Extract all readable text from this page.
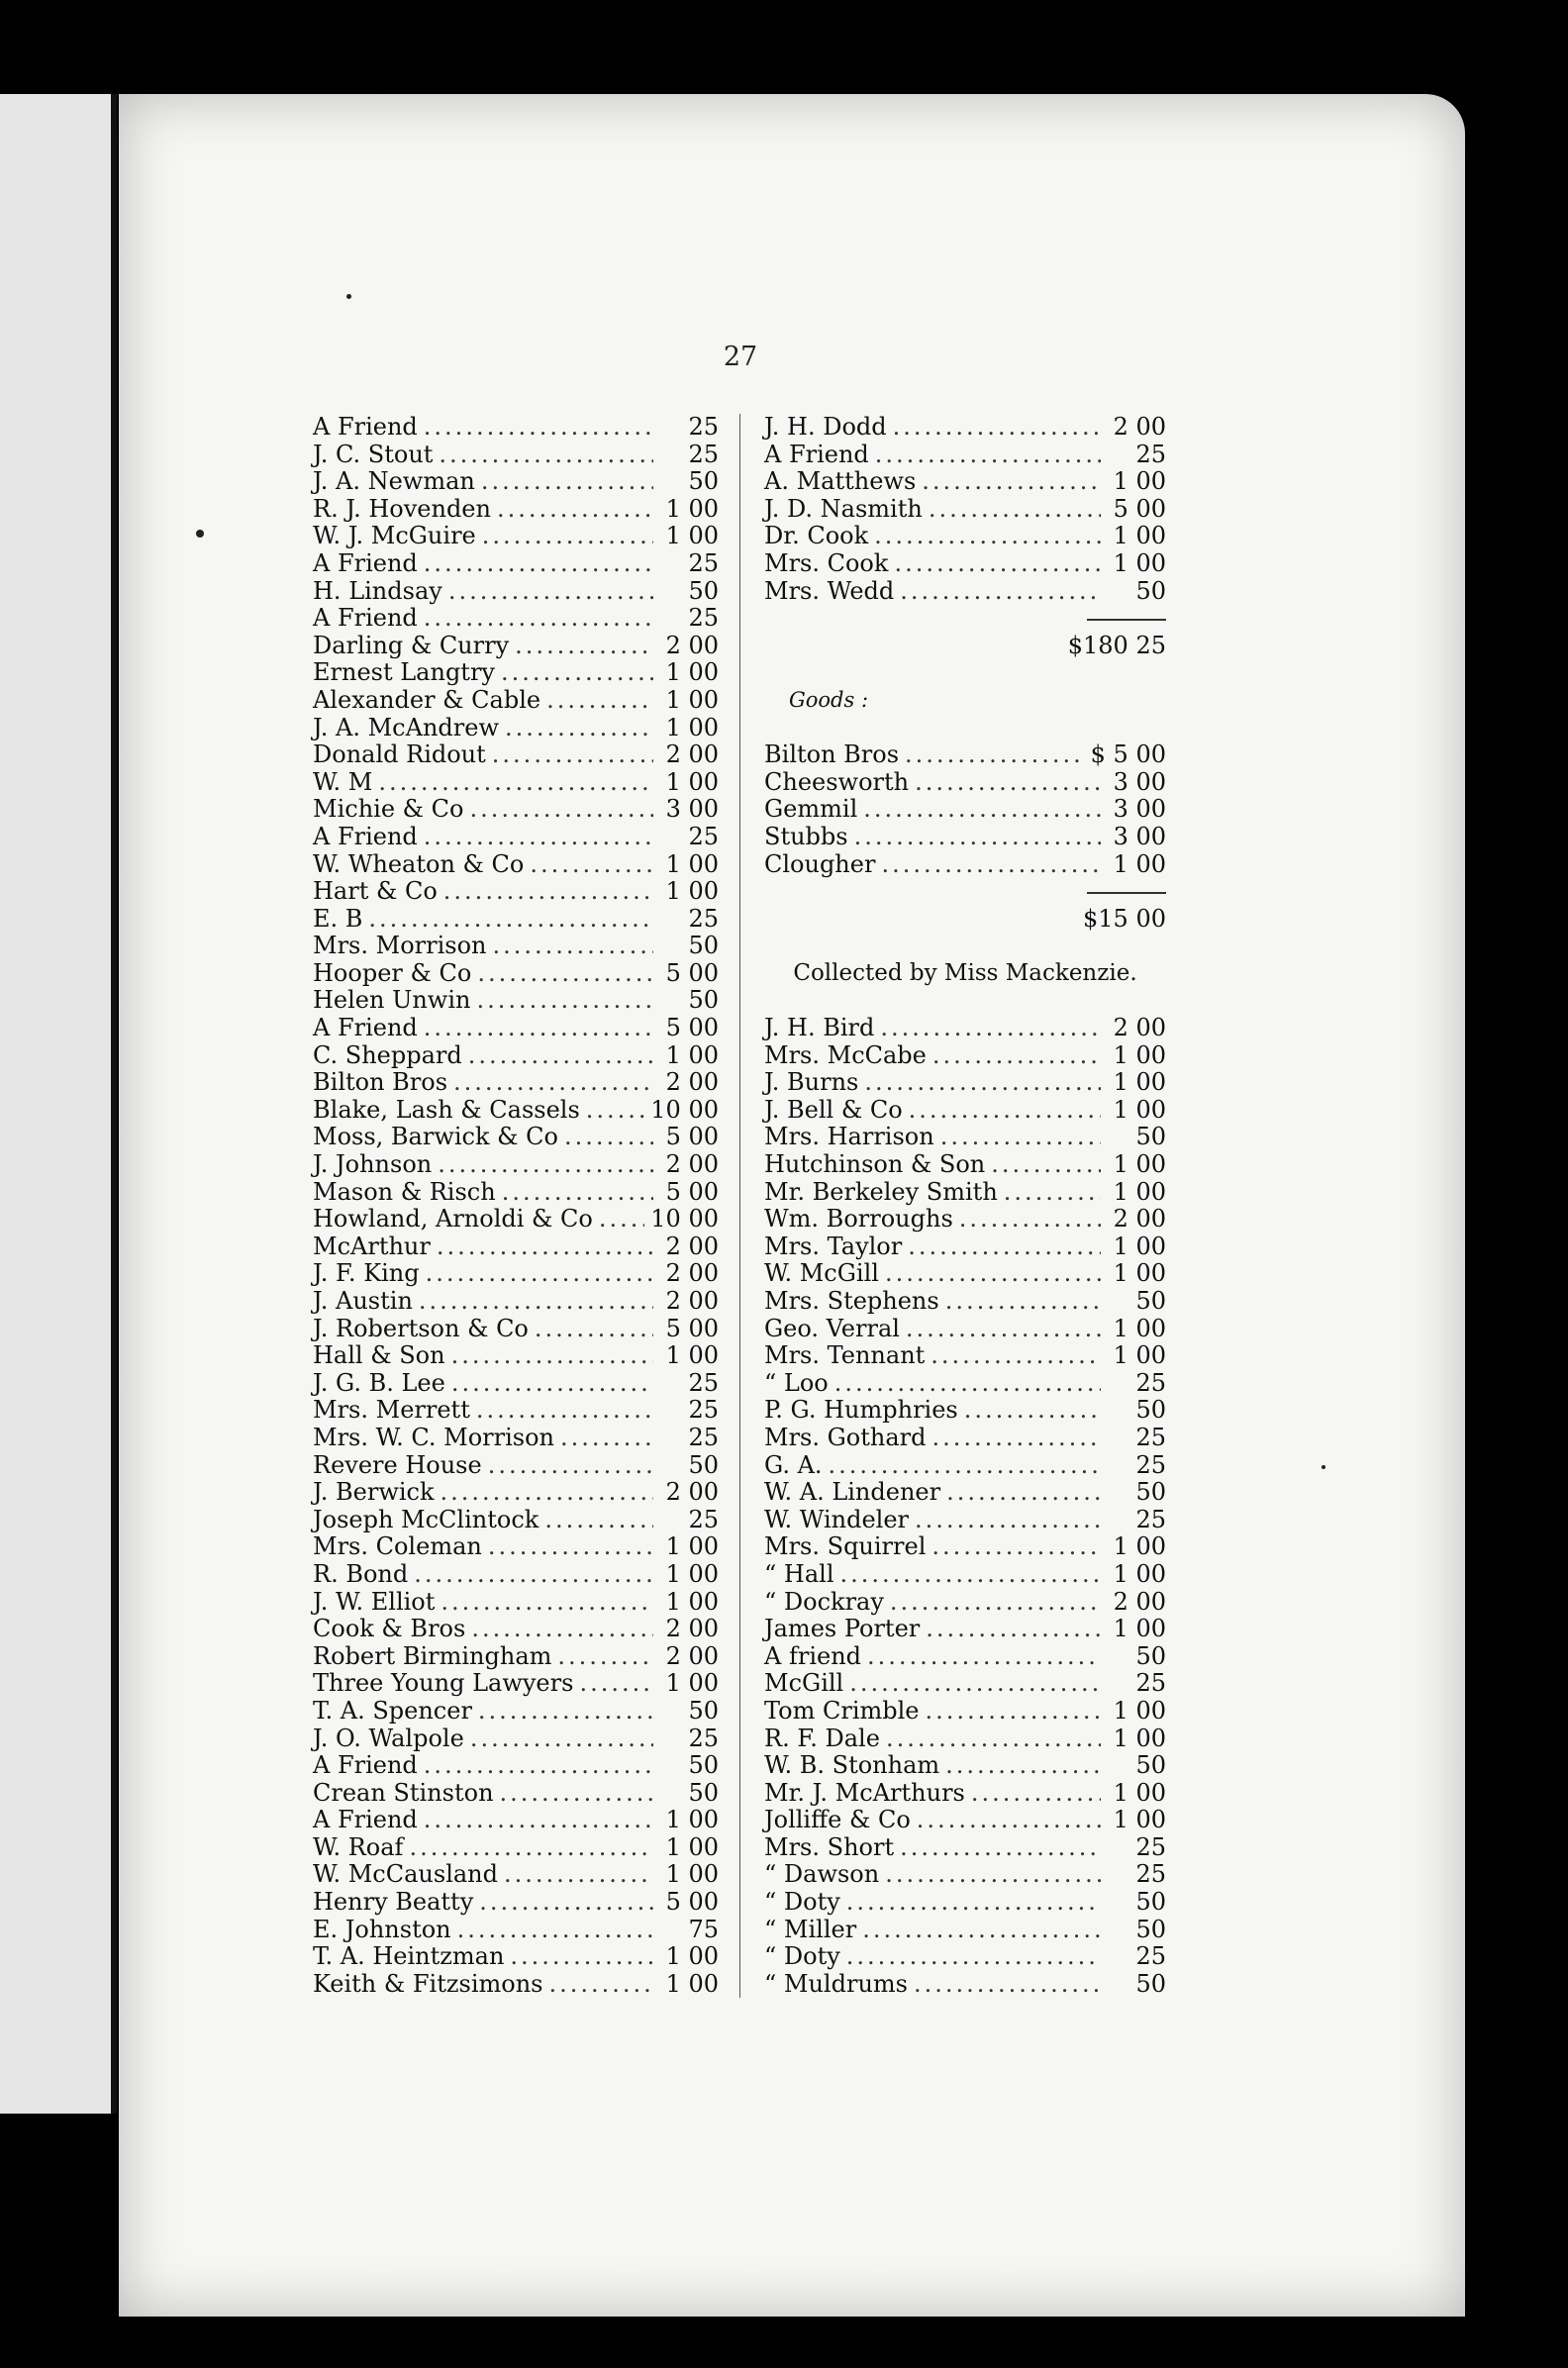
27
A Friend .....	25
J. C. Stout .....	25
J. A. Newman .....	50
R. J. Hovenden .....	1 00
W. J. McGuire .....	1 00
A Friend .....	25
H. Lindsay .....	50
A Friend .....	25
Darling & Curry .....	2 00
Ernest Langtry .....	1 00
Alexander & Cable .....	1 00
J. A. McAndrew .....	1 00
Donald Ridout .....	2 00
W. M .....	1 00
Michie & Co .....	3 00
A Friend .....	25
W. Wheaton & Co .....	1 00
Hart & Co .....	1 00
E. B .....	25
Mrs. Morrison .....	50
Hooper & Co .....	5 00
Helen Unwin .....	50
A Friend .....	5 00
C. Sheppard .....	1 00
Bilton Bros .....	2 00
Blake, Lash & Cassels .....	10 00
Moss, Barwick & Co .....	5 00
J. Johnson .....	2 00
Mason & Risch .....	5 00
Howland, Arnoldi & Co ..... 10 00
McArthur .....	2 00
J. F. King .....	2 00
J. Austin .....	2 00
J. Robertson & Co .....	5 00
Hall & Son .....	1 00
J. G. B. Lee .....	25
Mrs. Merrett .....	25
Mrs. W. C. Morrison .....	25
Revere House .....	50
J. Berwick .....	2 00
Joseph McClintock .....	25
Mrs. Coleman .....	1 00
R. Bond .....	1 00
J. W. Elliot .....	1 00
Cook & Bros .....	2 00
Robert Birmingham .....	2 00
Three Young Lawyers .....	1 00
T. A. Spencer .....	50
J. O. Walpole .....	25
A Friend .....	50
Crean Stinston .....	50
A Friend .....	1 00
W. Roaf .....	1 00
W. McCausland .....	1 00
Henry Beatty .....	5 00
E. Johnston .....	75
T. A. Heintzman .....	1 00
Keith & Fitzsimons .....	1 00
J. H. Dodd .....	2 00
A Friend .....	25
A. Matthews .....	1 00
J. D. Nasmith .....	5 00
Dr. Cook .....	1 00
Mrs. Cook .....	1 00
Mrs. Wedd .....	50
$180 25
Goods :
Bilton Bros .....	$ 5 00
Cheesworth .....	3 00
Gemmil .....	3 00
Stubbs .....	3 00
Clougher .....	1 00
$15 00
Collected by Miss Mackenzie.
J. H. Bird .....	2 00
Mrs. McCabe .....	1 00
J. Burns .....	1 00
J. Bell & Co .....	1 00
Mrs. Harrison .....	50
Hutchinson & Son .....	1 00
Mr. Berkeley Smith .....	1 00
Wm. Borroughs .....	2 00
Mrs. Taylor .....	1 00
W. McGill .....	1 00
Mrs. Stephens .....	50
Geo. Verral .....	1 00
Mrs. Tennant .....	1 00
“ Loo .....	25
P. G. Humphries .....	50
Mrs. Gothard .....	25
G. A. .....	25
W. A. Lindener .....	50
W. Windeler .....	25
Mrs. Squirrel .....	1 00
“ Hall .....	1 00
“ Dockray .....	2 00
James Porter .....	1 00
A friend .....	50
McGill .....	25
Tom Crimble .....	1 00
R. F. Dale .....	1 00
W. B. Stonham .....	50
Mr. J. McArthurs .....	1 00
Jolliffe & Co .....	1 00
Mrs. Short .....	25
“ Dawson .....	25
“ Doty .....	50
“ Miller .....	50
“ Doty .....	25
“ Muldrums .....	50
